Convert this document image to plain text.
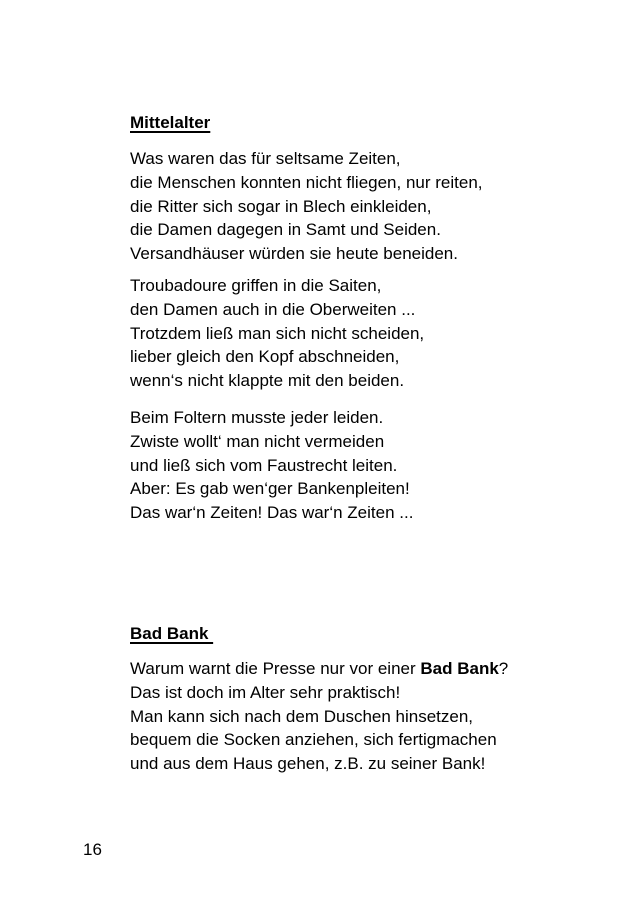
Mittelalter

Was waren das für seltsame Zeiten,
die Menschen konnten nicht fliegen, nur reiten,
die Ritter sich sogar in Blech einkleiden,
die Damen dagegen in Samt und Seiden.
Versandhäuser würden sie heute beneiden.

Troubadoure griffen in die Saiten,
den Damen auch in die Oberweiten ...
Trotzdem ließ man sich nicht scheiden,
lieber gleich den Kopf abschneiden,
wenn‘s nicht klappte mit den beiden.

Beim Foltern musste jeder leiden.
Zwiste wollt‘ man nicht vermeiden
und ließ sich vom Faustrecht leiten.
Aber: Es gab wen‘ger Bankenpleiten!
Das war‘n Zeiten! Das war‘n Zeiten ...

Bad Bank

Warum warnt die Presse nur vor einer Bad Bank?
Das ist doch im Alter sehr praktisch!
Man kann sich nach dem Duschen hinsetzen,
bequem die Socken anziehen, sich fertigmachen
und aus dem Haus gehen, z.B. zu seiner Bank!

16
